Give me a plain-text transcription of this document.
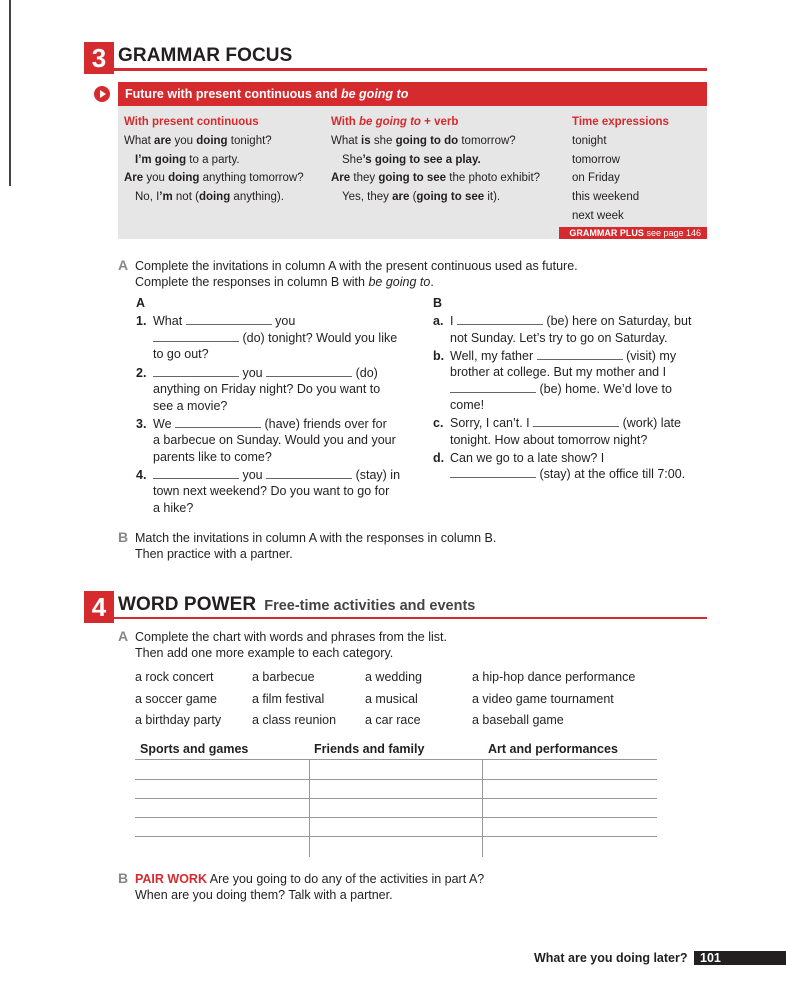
3 GRAMMAR FOCUS
Future with present continuous and be going to
With present continuous
What are you doing tonight?
I’m going to a party.
Are you doing anything tomorrow?
No, I’m not (doing anything).
With be going to + verb
What is she going to do tomorrow?
She’s going to see a play.
Are they going to see the photo exhibit?
Yes, they are (going to see it).
Time expressions
tonight
tomorrow
on Friday
this weekend
next week
GRAMMAR PLUS see page 146
A Complete the invitations in column A with the present continuous used as future.
Complete the responses in column B with be going to.
A	B
1. What	you
(do) tonight? Would you like
to go out?
2.	you	(do)
anything on Friday night? Do you want to
see a movie?
3. We	(have) friends over for
a barbecue on Sunday. Would you and your
parents like to come?
4.	you	(stay) in
town next weekend? Do you want to go for
a hike?
a. I	(be) here on Saturday, but
not Sunday. Let’s try to go on Saturday.
b. Well, my father	(visit) my
brother at college. But my mother and I
(be) home. We’d love to
come!
c. Sorry, I can’t. I	(work) late
tonight. How about tomorrow night?
d. Can we go to a late show? I
(stay) at the office till 7:00.
B Match the invitations in column A with the responses in column B.
Then practice with a partner.
4 WORD POWER Free-time activities and events
A Complete the chart with words and phrases from the list.
Then add one more example to each category.
a rock concert	a barbecue	a wedding	a hip-hop dance performance
a soccer game	a film festival	a musical	a video game tournament
a birthday party a class reunion a car race	a baseball game
Sports and games	Friends and family	Art and performances
B PAIR WORK Are you going to do any of the activities in part A?
When are you doing them? Talk with a partner.
What are you doing later?	101
